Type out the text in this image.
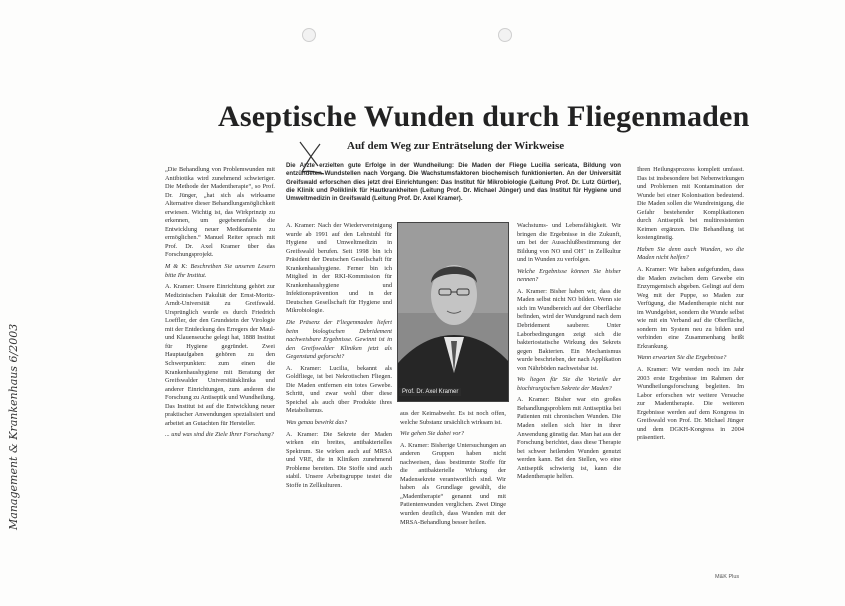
Management & Krankenhaus 6/2003
Aseptische Wunden durch Fliegenmaden
Auf dem Weg zur Enträtselung der Wirkweise
Die Ärzte erzielten gute Erfolge in der Wundheilung: Die Maden der Fliege Lucilia sericata, Bildung von entzündeten Wundstellen nach Vorgang. Die Wachstumsfaktoren biochemisch funktionierten. An der Universität Greifswald erforschen dies jetzt drei Einrichtungen: Das Institut für Mikrobiologie (Leitung Prof. Dr. Lutz Gürtler), die Klinik und Poliklinik für Hautkrankheiten (Leitung Prof. Dr. Michael Jünger) und das Institut für Hygiene und Umweltmedizin in Greifswald (Leitung Prof. Dr. Axel Kramer).

„Die Behandlung von Problemwunden mit Antibiotika wird zunehmend schwieriger. Die Methode der Madentherapie“, so Prof. Dr. Jünger, „hat sich als wirksame Alternative dieser Behandlungsmöglichkeit erwiesen. Wichtig ist, das Wirkprinzip zu erkennen, um gegebenenfalls die Entwicklung neuer Medikamente zu ermöglichen.“ Manuel Reiter sprach mit Prof. Dr. Axel Kramer über das Forschungsprojekt.

M & K: Beschreiben Sie unseren Lesern bitte Ihr Institut.

A. Kramer: Unsere Einrichtung gehört zur Medizinischen Fakultät der Ernst-Moritz-Arndt-Universität zu Greifswald. Ursprünglich wurde es durch Friedrich Loeffler, der den Grundstein der Virologie mit der Entdeckung des Erregers der Maul- und Klauenseuche gelegt hat, 1888 Institut für Hygiene gegründet. Zwei Hauptaufgaben gehören zu den Schwerpunkten: zum einen die Krankenhaushygiene mit Beratung der Greifswalder Universitätsklinika und anderer Einrichtungen, zum anderen die Forschung zu Antiseptik und Wundheilung. Das Institut ist auf die Entwicklung neuer praktischer Anwendungen spezialisiert und arbeitet an Gutachten für Hersteller.

... und was sind die Ziele Ihrer Forschung?

A. Kramer: Nach der Wiedervereinigung wurde ab 1991 auf den Lehrstuhl für Hygiene und Umweltmedizin in Greifswald berufen. Seit 1998 bin ich Präsident der Deutschen Gesellschaft für Krankenhaushygiene. Ferner bin ich Mitglied in der RKI-Kommission für Krankenhaushygiene und Infektionsprävention und in der Deutschen Gesellschaft für Hygiene und Mikrobiologie.

Die Präsenz der Fliegenmaden liefert beim biologischen Debridement nachweisbare Ergebnisse. Gewinnt ist in den Greifswalder Kliniken jetzt als Gegenstand geforscht?

A. Kramer: Lucilia, bekannt als Goldfliege, ist bei Nekrotischen Fliegen. Die Maden entfernen ein totes Gewebe. Schritt, und zwar wohl über diese Speichel als auch über Produkte ihres Metabolismus.

Was genau bewirkt das?

A. Kramer: Die Sekrete der Maden wirken ein breites, antibakterielles Spektrum. Sie wirken auch auf MRSA und VRE, die in Kliniken zunehmend Probleme bereiten. Die Stoffe sind auch stabil. Unsere Arbeitsgruppe testet die Stoffe in Zellkulturen.

Prof. Dr. Axel Kramer

aus der Keimabwehr. Es ist noch offen, welche Substanz ursächlich wirksam ist.

Wie gehen Sie dabei vor?

A. Kramer: Bisherige Untersuchungen an anderen Gruppen haben nicht nachweisen, dass bestimmte Stoffe für die antibakterielle Wirkung der Madensekrete verantwortlich sind. Wir haben als Grundlage gewählt, die „Madentherapie“ genannt und mit Patientenwunden verglichen. Zwei Dinge wurden deutlich, dass Wunden mit der MRSA-Behandlung besser heilen.

Wachstums- und Lebensfähigkeit. Wir bringen die Ergebnisse in die Zukunft, um bei der Ausschlußbestimmung der Bildung von NO und OH⁻ in Zellkultur und in Wunden zu verfolgen.

Welche Ergebnisse können Sie bisher nennen?

A. Kramer: Bisher haben wir, dass die Maden selbst nicht NO bilden. Wenn sie sich im Wundbereich auf der Oberfläche befinden, wird der Wundgrund nach dem Debridement sauberer. Unter Laborbedingungen zeigt sich die bakteriostatische Wirkung des Sekrets gegen Bakterien. Ein Mechanismus wurde beschrieben, der nach Applikation von Nährböden nachweisbar ist.

Wo liegen für Sie die Vorteile der biochirurgischen Sekrete der Maden?

A. Kramer: Bisher war ein großes Behandlungsproblem mit Antiseptika bei Patienten mit chronischen Wunden. Die Maden stellen sich hier in ihrer Anwendung günstig dar. Man hat aus der Forschung berichtet, dass diese Therapie bei schwer heilenden Wunden genutzt werden kann. Bei den Stellen, wo eine Antiseptik schwierig ist, kann die Madentherapie helfen.

Ihren Heilungsprozess komplett umfasst. Das ist insbesondere bei Nebenwirkungen und Problemen mit Kontamination der Wunde bei einer Kolonisation bedeutend. Die Maden sollen die Wundreinigung, die Gefahr bestehender Komplikationen durch Antiseptik bei multiresistenten Keimen ergänzen. Die Behandlung ist kostengünstig.

Haben Sie denn auch Wunden, wo die Maden nicht helfen?

A. Kramer: Wir haben aufgefunden, dass die Maden zwischen dem Gewebe ein Enzymgemisch abgeben. Gelingt auf dem Weg mit der Puppe, so Maden zur Verfügung, die Madentherapie nicht nur im Wundgebiet, sondern die Wunde selbst wie mit ein Verband auf die Oberfläche, sondern im System neu zu bilden und verbinden eine Zusammenhang heißt Erkrankung.

Wann erwarten Sie die Ergebnisse?

A. Kramer: Wir werden noch im Jahr 2003 erste Ergebnisse im Rahmen der Wundheilungsforschung begleiten. Im Labor erforschen wir weitere Versuche zur Madentherapie. Die weiteren Ergebnisse werden auf dem Kongress in Greifswald von Prof. Dr. Michael Jünger und dem DGKH-Kongress in 2004 präsentiert.

M&K Plus
